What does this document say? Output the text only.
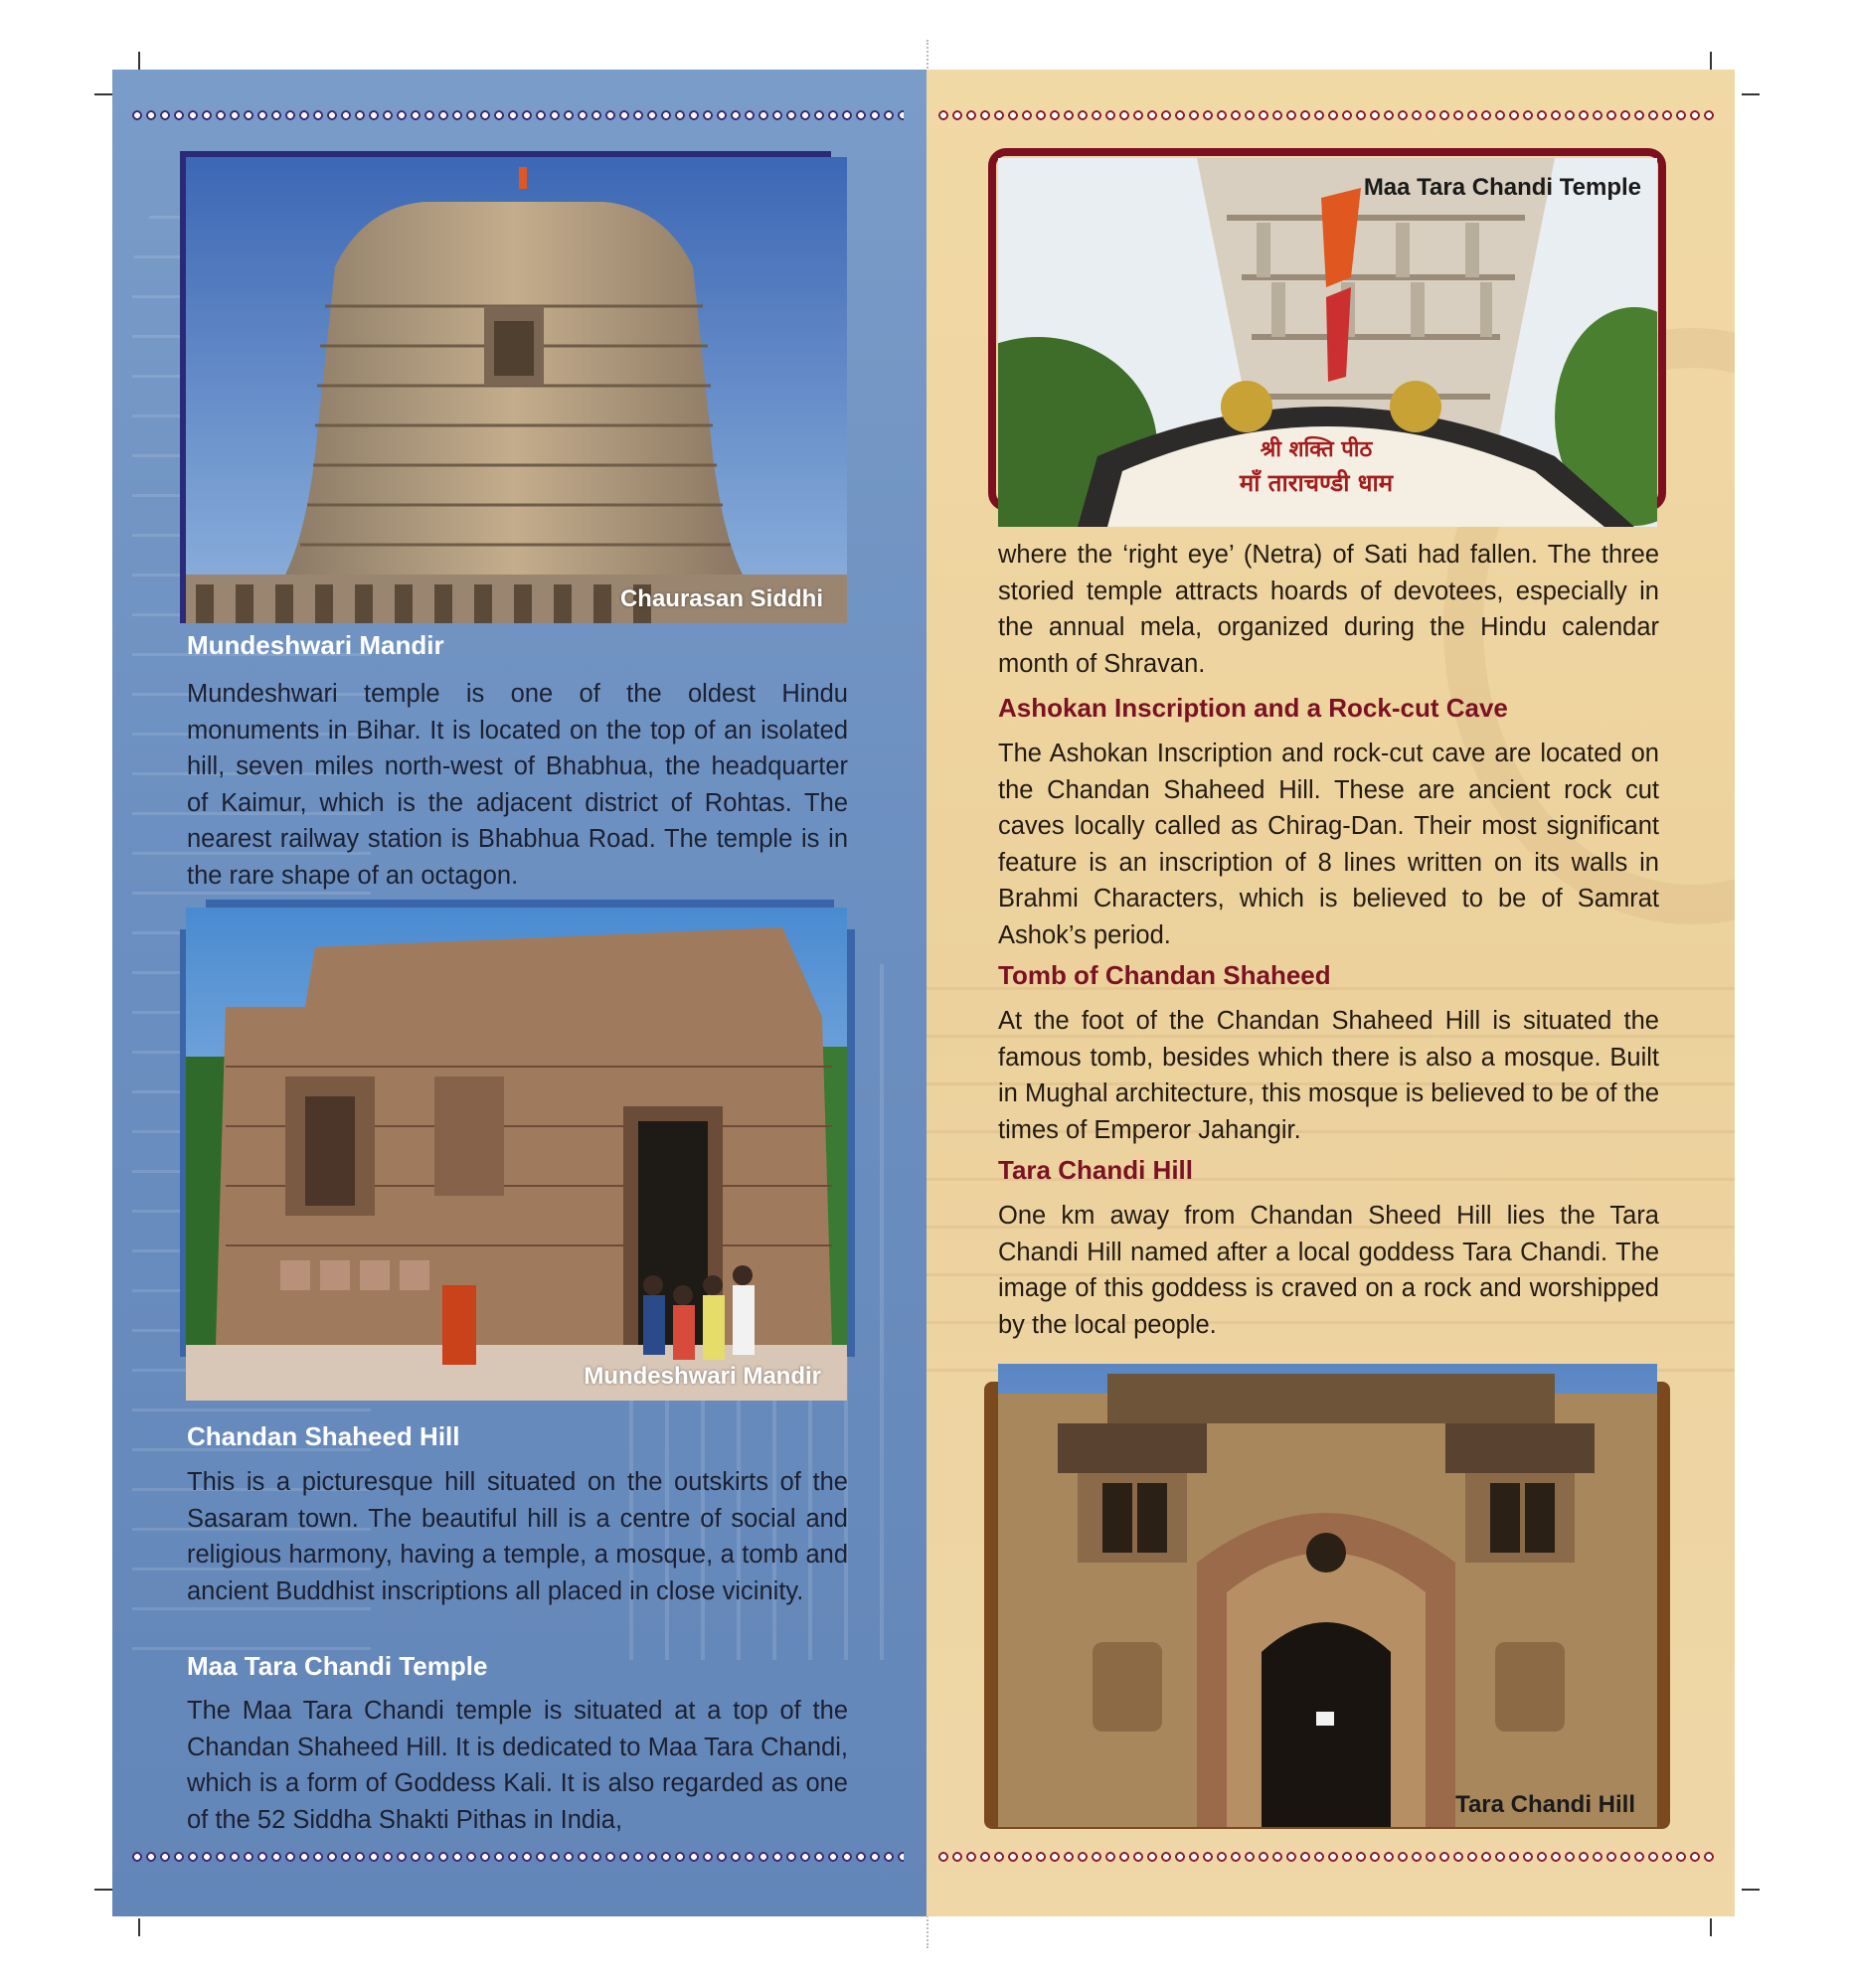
Chaurasan Siddhi
Mundeshwari Mandir

Mundeshwari temple is one of the oldest Hindu monuments in Bihar. It is located on the top of an isolated hill, seven miles north-west of Bhabhua, the headquarter of Kaimur, which is the adjacent district of Rohtas. The nearest railway station is Bhabhua Road. The temple is in the rare shape of an octagon.

Mundeshwari Mandir
Chandan Shaheed Hill

This is a picturesque hill situated on the outskirts of the Sasaram town. The beautiful hill is a centre of social and religious harmony, having a temple, a mosque, a tomb and ancient Buddhist inscriptions all placed in close vicinity.

Maa Tara Chandi Temple

The Maa Tara Chandi temple is situated at a top of the Chandan Shaheed Hill. It is dedicated to Maa Tara Chandi, which is a form of Goddess Kali. It is also regarded as one of the 52 Siddha Shakti Pithas in India,

श्री शक्ति पीठ
माँ ताराचण्डी धाम
Maa Tara Chandi Temple

where the ‘right eye’ (Netra) of Sati had fallen. The three storied temple attracts hoards of devotees, especially in the annual mela, organized during the Hindu calendar month of Shravan.

Ashokan Inscription and a Rock-cut Cave

The Ashokan Inscription and rock-cut cave are located on the Chandan Shaheed Hill. These are ancient rock cut caves locally called as Chirag-Dan. Their most significant feature is an inscription of 8 lines written on its walls in Brahmi Characters, which is believed to be of Samrat Ashok’s period.

Tomb of Chandan Shaheed

At the foot of the Chandan Shaheed Hill is situated the famous tomb, besides which there is also a mosque. Built in Mughal architecture, this mosque is believed to be of the times of Emperor Jahangir.

Tara Chandi Hill

One km away from Chandan Sheed Hill lies the Tara Chandi Hill named after a local goddess Tara Chandi. The image of this goddess is craved on a rock and worshipped by the local people.

Tara Chandi Hill
